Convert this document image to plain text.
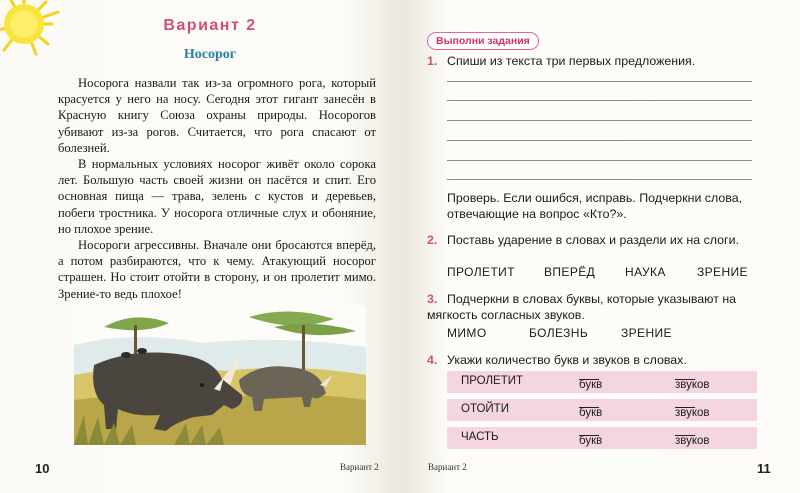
Вариант 2
Носорог

Носорога назвали так из-за огромного рога, который красуется у него на носу. Сегодня этот гигант занесён в Красную книгу Союза охраны природы. Носорогов убивают из-за рогов. Считается, что рога спасают от болезней.

В нормальных условиях носорог живёт около сорока лет. Большую часть своей жизни он пасётся и спит. Его основная пища — трава, зелень с кустов и деревьев, побеги тростника. У носорога отличные слух и обоняние, но плохое зрение.

Носороги агрессивны. Вначале они бросаются вперёд, а потом разбираются, что к чему. Атакующий носорог страшен. Но стоит отойти в сторону, и он пролетит мимо. Зрение-то ведь плохое!

10	Вариант 2
Выполни задания
1. Спиши из текста три первых предложения.
Проверь. Если ошибся, исправь. Подчеркни слова, отвечающие на вопрос «Кто?».
2. Поставь ударение в словах и раздели их на слоги.
ПРОЛЕТИТ ВПЕРЁД НАУКА	ЗРЕНИЕ
3. Подчеркни в словах буквы, которые указывают на мягкость согласных звуков.
МИМО	БОЛЕЗНЬ	ЗРЕНИЕ
4. Укажи количество букв и звуков в словах.
ПРОЛЕТИТ	букв	звуков
ОТОЙТИ	букв	звуков
ЧАСТЬ	букв	звуков
Вариант 2	11
